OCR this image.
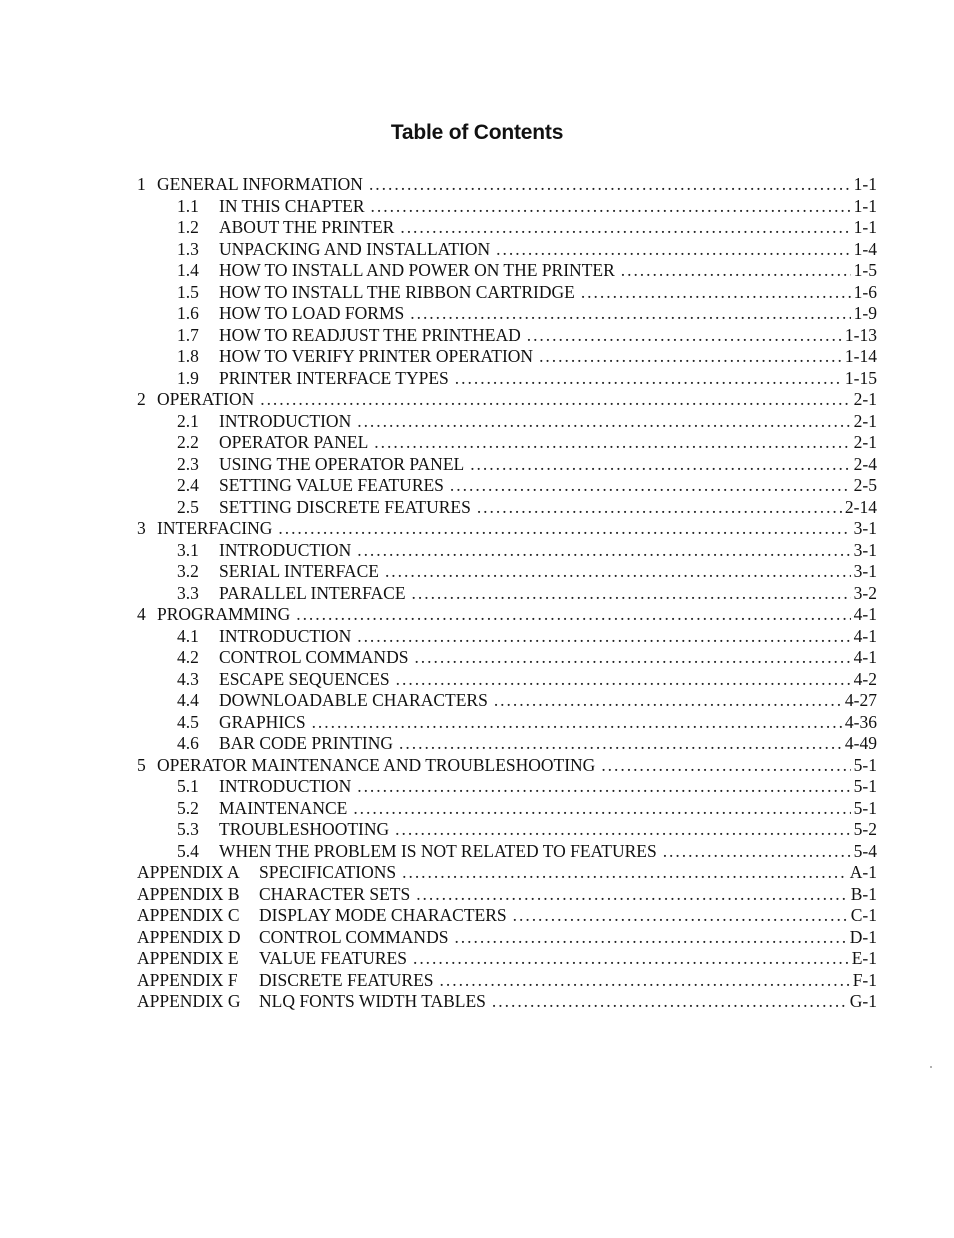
Table of Contents
1 GENERAL INFORMATION . . .	1-1
1.1	IN THIS CHAPTER . . .	1-1
1.2	ABOUT THE PRINTER . . .	1-1
1.3	UNPACKING AND INSTALLATION . . .	1-4
1.4	HOW TO INSTALL AND POWER ON THE PRINTER . . .	1-5
1.5	HOW TO INSTALL THE RIBBON CARTRIDGE . . .	1-6
1.6	HOW TO LOAD FORMS . . .	1-9
1.7	HOW TO READJUST THE PRINTHEAD . . .	1-13
1.8	HOW TO VERIFY PRINTER OPERATION . . .	1-14
1.9	PRINTER INTERFACE TYPES . . .	1-15
2 OPERATION . . .	2-1
2.1	INTRODUCTION . . .	2-1
2.2	OPERATOR PANEL . . .	2-1
2.3	USING THE OPERATOR PANEL . . .	2-4
2.4	SETTING VALUE FEATURES . . .	2-5
2.5	SETTING DISCRETE FEATURES . . .	2-14
3 INTERFACING . . .	3-1
3.1	INTRODUCTION . . .	3-1
3.2	SERIAL INTERFACE . . .	3-1
3.3	PARALLEL INTERFACE . . .	3-2
4 PROGRAMMING . . .	4-1
4.1	INTRODUCTION . . .	4-1
4.2	CONTROL COMMANDS . . .	4-1
4.3	ESCAPE SEQUENCES . . .	4-2
4.4	DOWNLOADABLE CHARACTERS . . .	4-27
4.5	GRAPHICS . . .	4-36
4.6	BAR CODE PRINTING . . .	4-49
5 OPERATOR MAINTENANCE AND TROUBLESHOOTING . . .	5-1
5.1	INTRODUCTION . . .	5-1
5.2	MAINTENANCE . . .	5-1
5.3	TROUBLESHOOTING . . .	5-2
5.4	WHEN THE PROBLEM IS NOT RELATED TO FEATURES . . .	5-4
APPENDIX A	SPECIFICATIONS . . .	A-1
APPENDIX B	CHARACTER SETS . . .	B-1
APPENDIX C	DISPLAY MODE CHARACTERS . . .	C-1
APPENDIX D	CONTROL COMMANDS . . .	D-1
APPENDIX E	VALUE FEATURES . . .	E-1
APPENDIX F	DISCRETE FEATURES . . .	F-1
APPENDIX G	NLQ FONTS WIDTH TABLES . . .	G-1
